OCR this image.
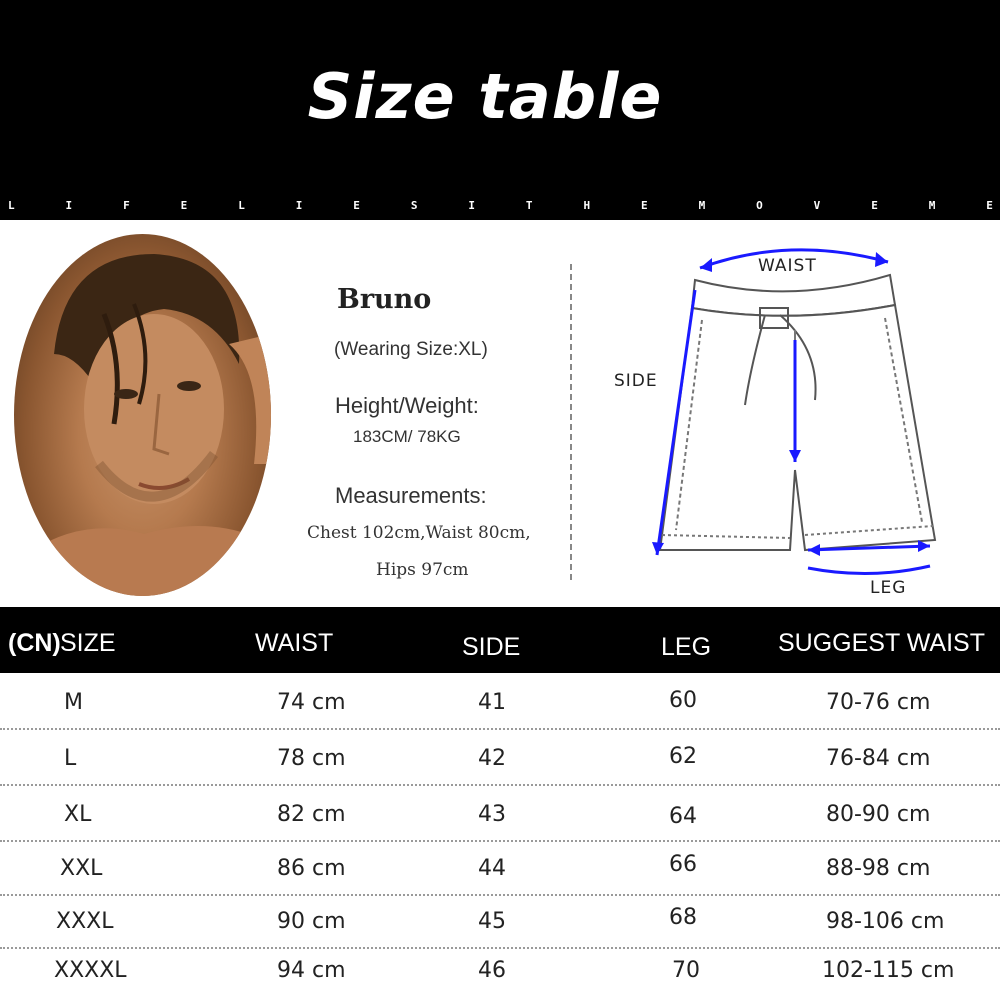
Size table
L	I	F	E	L	I	E	S	I	T	H	E	M	O	V	E	M	E
Bruno
(Wearing Size:XL)
Height/Weight:
183CM/ 78KG
Measurements:
Chest 102cm,Waist 80cm,
Hips 97cm
WAIST
SIDE
LEG
(CN) SIZE	WAIST	SIDE	LEG	SUGGEST WAIST
M	74 cm	41	60	70-76 cm
L	78 cm	42	62	76-84 cm
XL	82 cm	43	64	80-90 cm
XXL	86 cm	44	66	88-98 cm
XXXL	90 cm	45	68	98-106 cm
XXXXL	94 cm	46	70	102-115 cm
